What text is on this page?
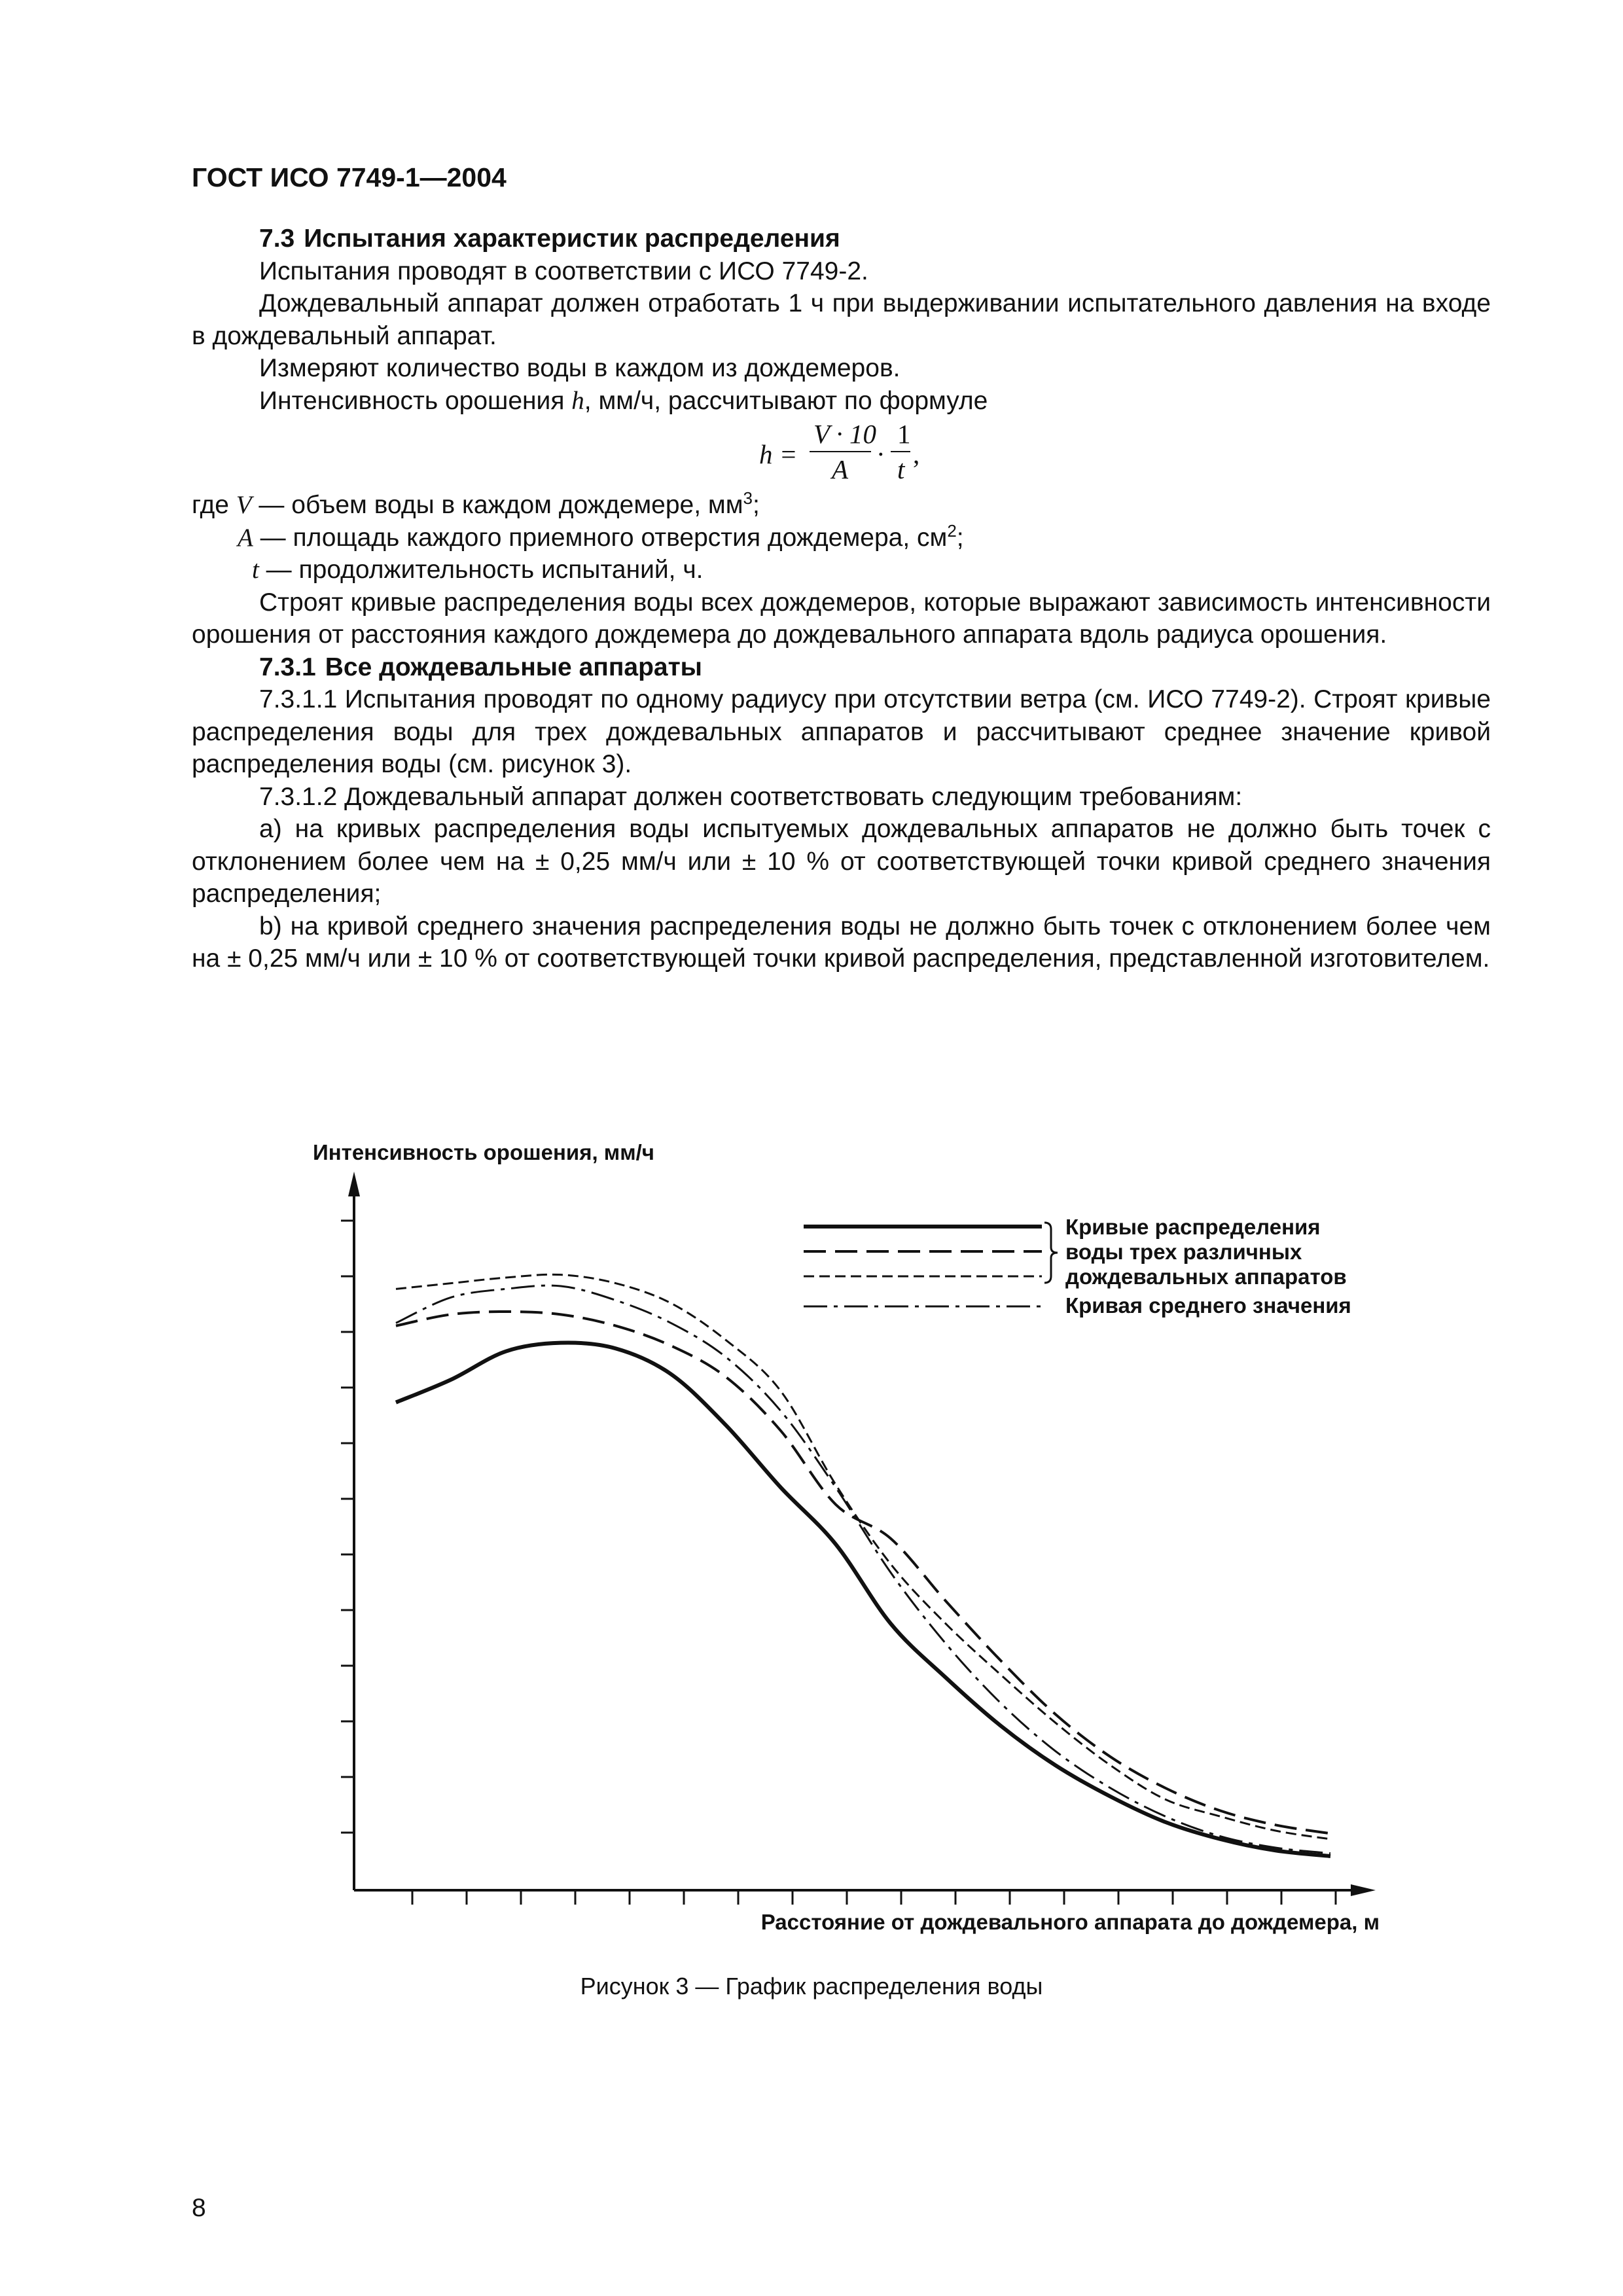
ГОСТ ИСО 7749-1—2004

7.3 Испытания характеристик распределения

Испытания проводят в соответствии с ИСО 7749-2.

Дождевальный аппарат должен отработать 1 ч при выдерживании испытательного давления на входе в дождевальный аппарат.

Измеряют количество воды в каждом из дождемеров.

Интенсивность орошения h, мм/ч, рассчитывают по формуле

h =
V · 10
A ·
1
t ,

где V — объем воды в каждом дождемере, $мм^3$;

A — площадь каждого приемного отверстия дождемера, $см^2$;

t — продолжительность испытаний, ч.

Строят кривые распределения воды всех дождемеров, которые выражают зависимость интенсивности орошения от расстояния каждого дождемера до дождевального аппарата вдоль радиуса орошения.

7.3.1 Все дождевальные аппараты

7.3.1.1 Испытания проводят по одному радиусу при отсутствии ветра (см. ИСО 7749-2). Строят кривые распределения воды для трех дождевальных аппаратов и рассчитывают среднее значение кривой распределения воды (см. рисунок 3).

7.3.1.2 Дождевальный аппарат должен соответствовать следующим требованиям:

a) на кривых распределения воды испытуемых дождевальных аппаратов не должно быть точек с отклонением более чем на ± 0,25 мм/ч или ± 10 % от соответствующей точки кривой среднего значения распределения;

b) на кривой среднего значения распределения воды не должно быть точек с отклонением более чем на ± 0,25 мм/ч или ± 10 % от соответствующей точки кривой распределения, представленной изготовителем.

Интенсивность орошения, мм/ч
Расстояние от дождевального аппарата до дождемера, м
Кривые распределения
воды трех различных
дождевальных аппаратов
Кривая среднего значения
Рисунок 3 — График распределения воды
8
